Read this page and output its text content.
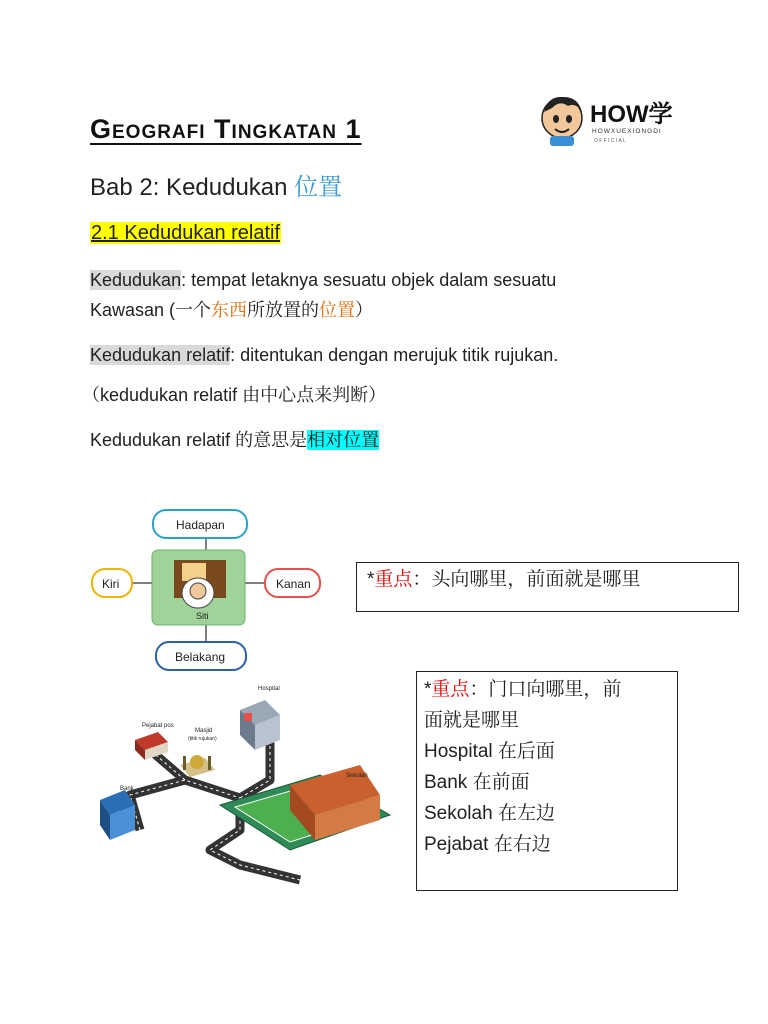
HOW学
HOWXUEXIONGDI
O F F I C I A L
Geografi Tingkatan 1
Bab 2: Kedudukan 位置
2.1 Kedudukan relatif
Kedudukan: tempat letaknya sesuatu objek dalam sesuatu
Kawasan (一个东西所放置的位置）
Kedudukan relatif: ditentukan dengan merujuk titik rujukan.
（kedudukan relatif 由中心点来判断）
Kedudukan relatif 的意思是相对位置
Siti
Hadapan
Kiri	Kanan
Belakang
Hospital
Pejabat pos
Masjid
(titik rujukan)
Sekolah
Bank
*重点：头向哪里，前面就是哪里
*重点：门口向哪里，前
面就是哪里
Hospital 在后面
Bank 在前面
Sekolah 在左边
Pejabat 在右边
